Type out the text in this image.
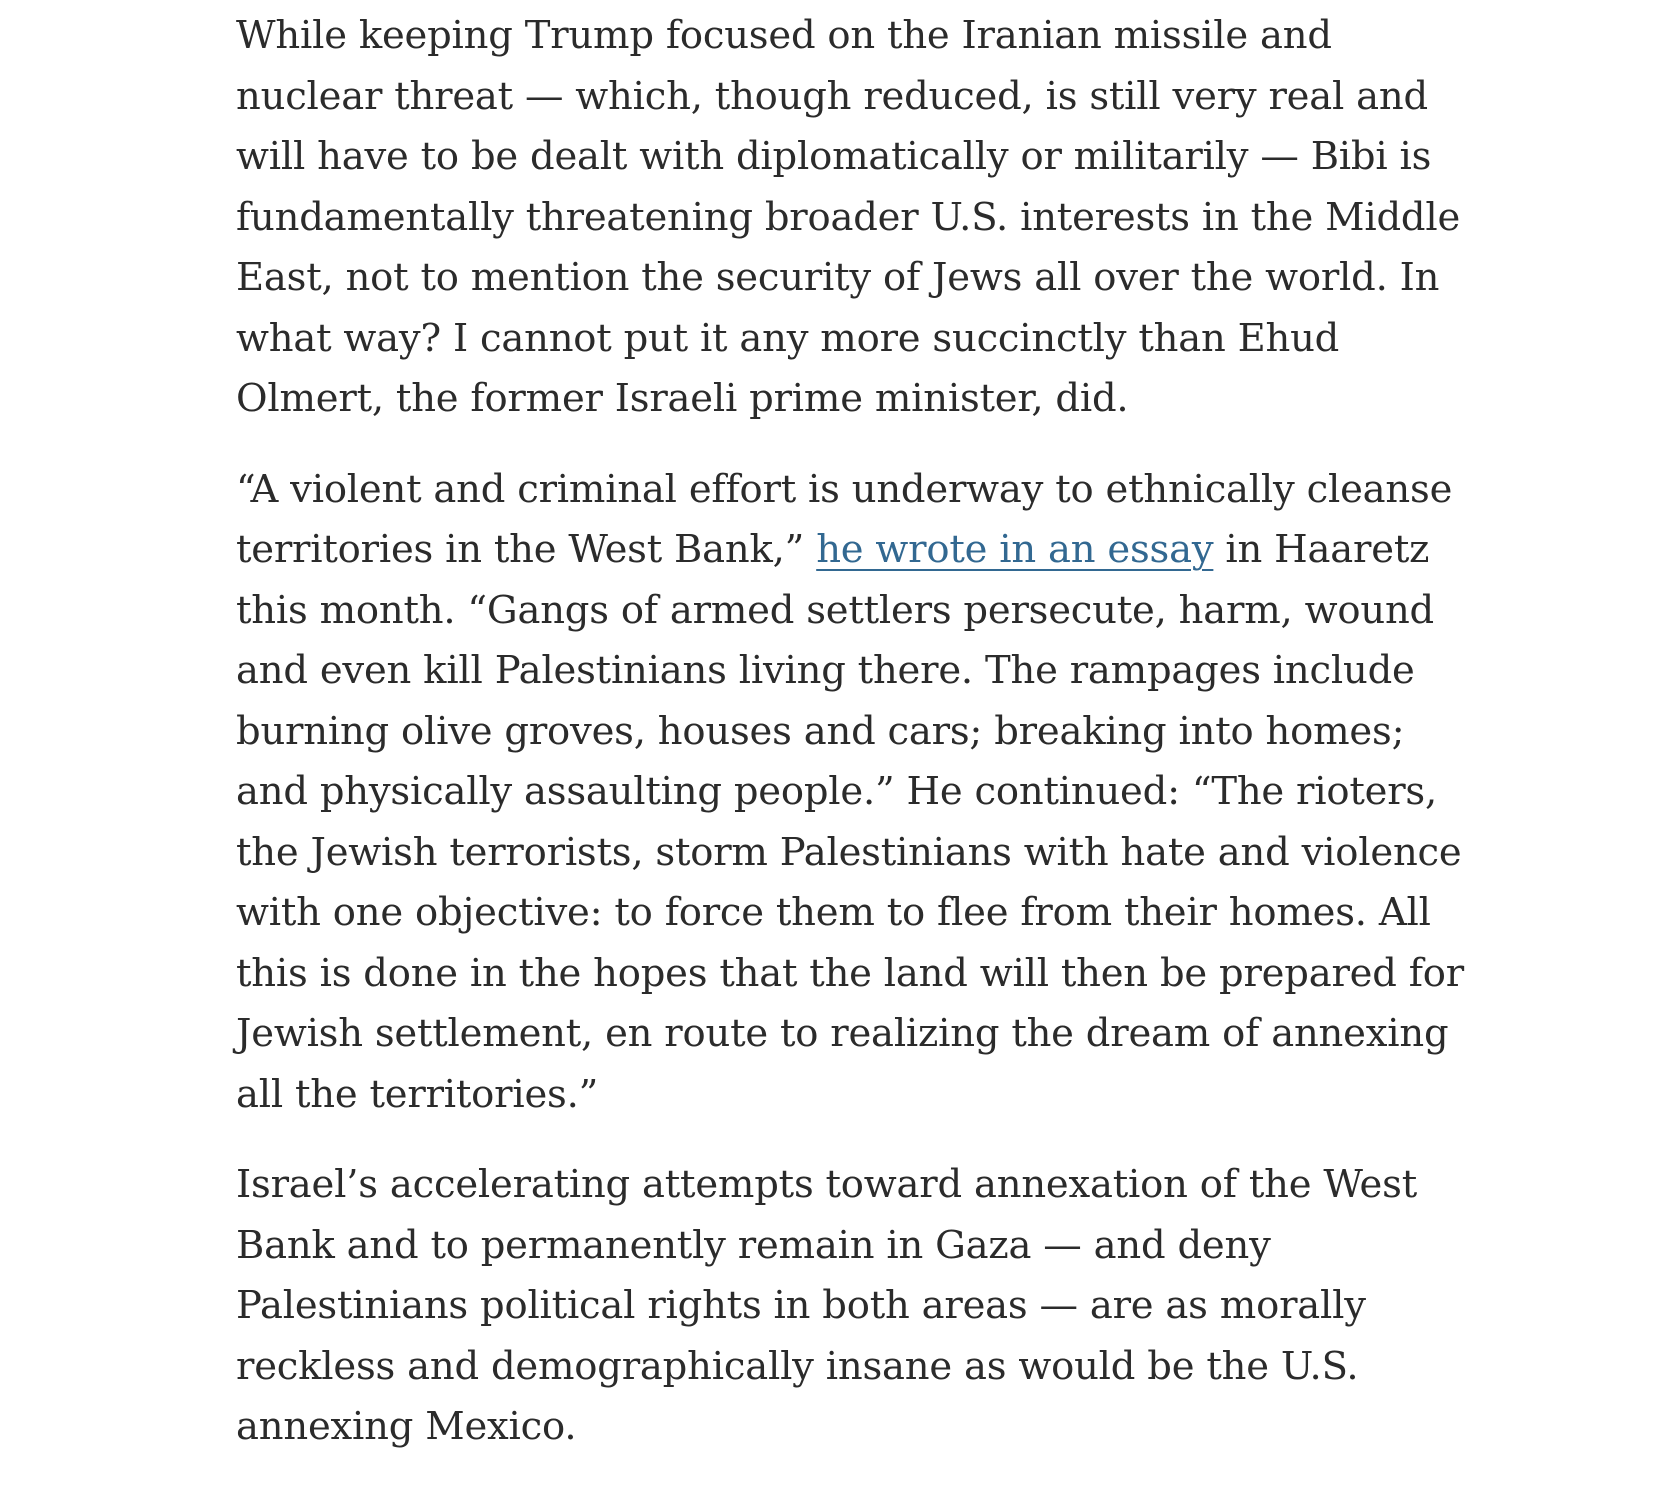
While keeping Trump focused on the Iranian missile and nuclear threat — which, though reduced, is still very real and will have to be dealt with diplomatically or militarily — Bibi is fundamentally threatening broader U.S. interests in the Middle East, not to mention the security of Jews all over the world. In what way? I cannot put it any more succinctly than Ehud Olmert, the former Israeli prime minister, did.

“A violent and criminal effort is underway to ethnically cleanse territories in the West Bank,” he wrote in an essay in Haaretz this month. “Gangs of armed settlers persecute, harm, wound and even kill Palestinians living there. The rampages include burning olive groves, houses and cars; breaking into homes; and physically assaulting people.” He continued: “The rioters, the Jewish terrorists, storm Palestinians with hate and violence with one objective: to force them to flee from their homes. All this is done in the hopes that the land will then be prepared for Jewish settlement, en route to realizing the dream of annexing all the territories.”

Israel’s accelerating attempts toward annexation of the West Bank and to permanently remain in Gaza — and deny Palestinians political rights in both areas — are as morally reckless and demographically insane as would be the U.S. annexing Mexico.
